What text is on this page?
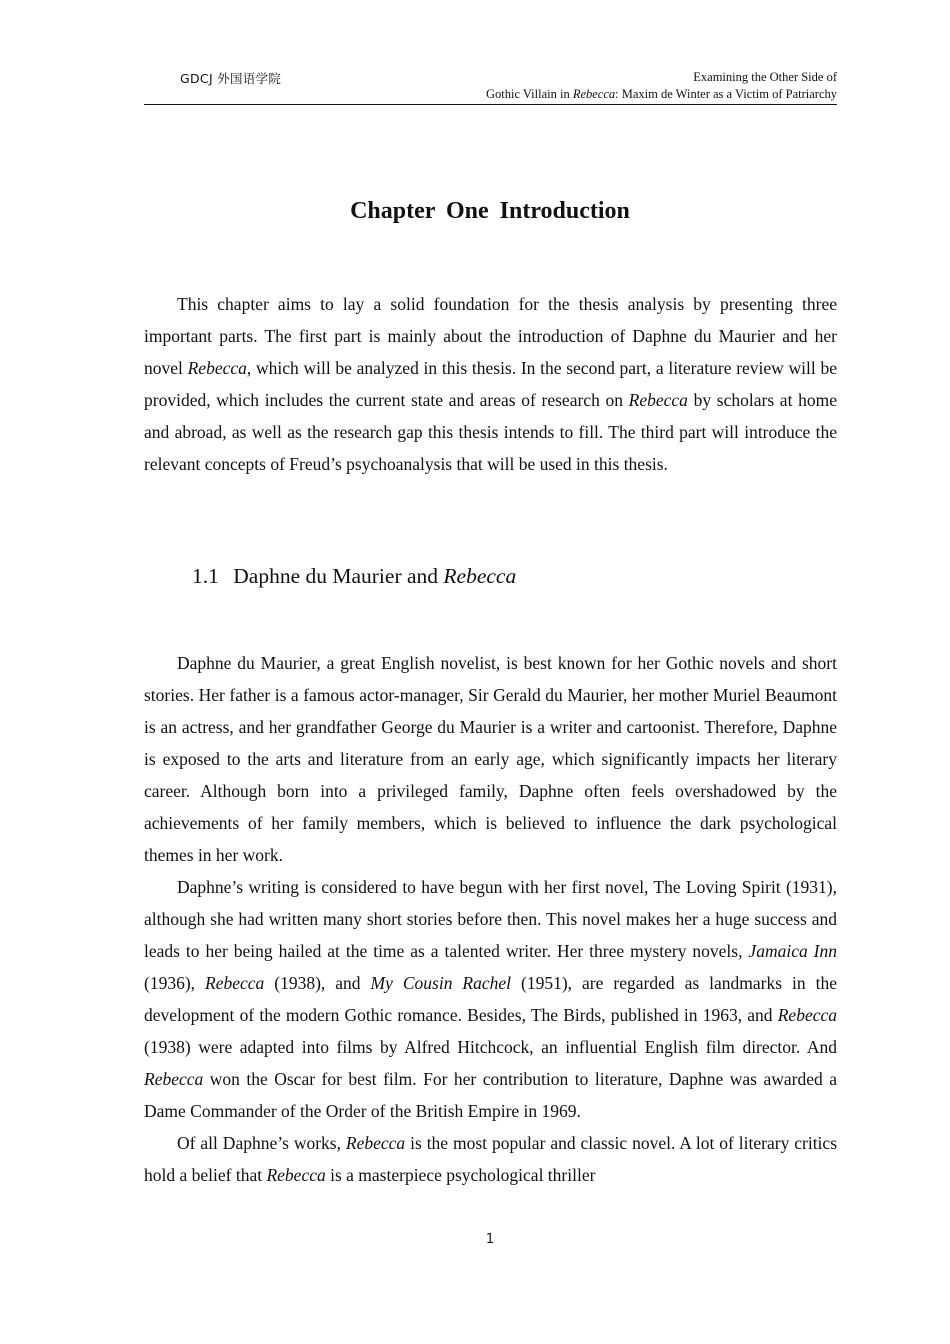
GDCJ 外国语学院	Examining the Other Side of
Gothic Villain in Rebecca: Maxim de Winter as a Victim of Patriarchy
Chapter One Introduction

This chapter aims to lay a solid foundation for the thesis analysis by presenting three important parts. The first part is mainly about the introduction of Daphne du Maurier and her novel Rebecca, which will be analyzed in this thesis. In the second part, a literature review will be provided, which includes the current state and areas of research on Rebecca by scholars at home and abroad, as well as the research gap this thesis intends to fill. The third part will introduce the relevant concepts of Freud’s psychoanalysis that will be used in this thesis.

1.1 Daphne du Maurier and Rebecca

Daphne du Maurier, a great English novelist, is best known for her Gothic novels and short stories. Her father is a famous actor-manager, Sir Gerald du Maurier, her mother Muriel Beaumont is an actress, and her grandfather George du Maurier is a writer and cartoonist. Therefore, Daphne is exposed to the arts and literature from an early age, which significantly impacts her literary career. Although born into a privileged family, Daphne often feels overshadowed by the achievements of her family members, which is believed to influence the dark psychological themes in her work.

Daphne’s writing is considered to have begun with her first novel, The Loving Spirit (1931), although she had written many short stories before then. This novel makes her a huge success and leads to her being hailed at the time as a talented writer. Her three mystery novels, Jamaica Inn (1936), Rebecca (1938), and My Cousin Rachel (1951), are regarded as landmarks in the development of the modern Gothic romance. Besides, The Birds, published in 1963, and Rebecca (1938) were adapted into films by Alfred Hitchcock, an influential English film director. And Rebecca won the Oscar for best film. For her contribution to literature, Daphne was awarded a Dame Commander of the Order of the British Empire in 1969.

Of all Daphne’s works, Rebecca is the most popular and classic novel. A lot of literary critics hold a belief that Rebecca is a masterpiece psychological thriller

1
